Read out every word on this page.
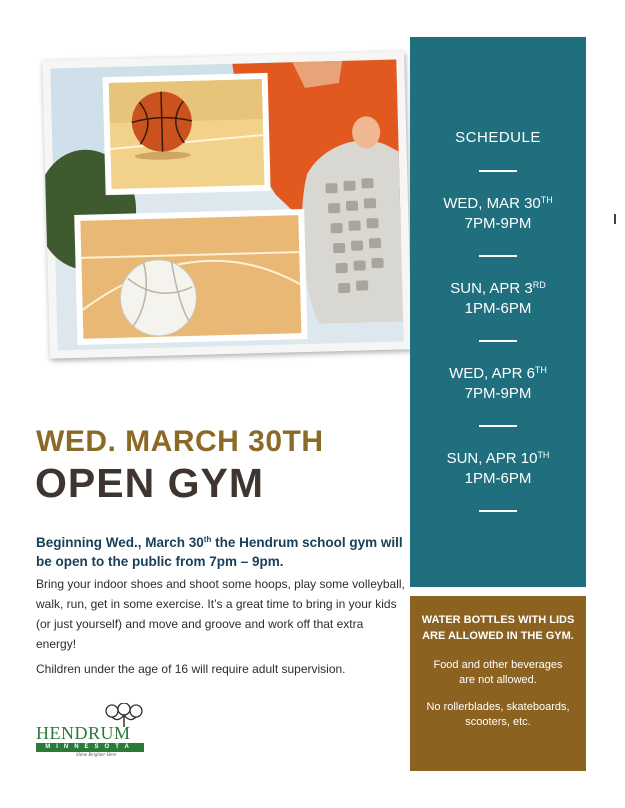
SCHEDULE
WED, MAR 30TH
7PM-9PM
SUN, APR 3RD
1PM-6PM
WED, APR 6TH
7PM-9PM
SUN, APR 10TH
1PM-6PM
WATER BOTTLES WITH LIDS ARE ALLOWED IN THE GYM.
Food and other beverages are not allowed.
No rollerblades, skateboards, scooters, etc.
WED. MARCH 30TH
OPEN GYM
Beginning Wed., March 30th the Hendrum school gym will be open to the public from 7pm – 9pm.
Bring your indoor shoes and shoot some hoops, play some volleyball, walk, run, get in some exercise. It’s a great time to bring in your kids (or just yourself) and move and groove and work off that extra energy!
Children under the age of 16 will require adult supervision.
HENDRUM
MINNESOTA
Shine Brighter Here
